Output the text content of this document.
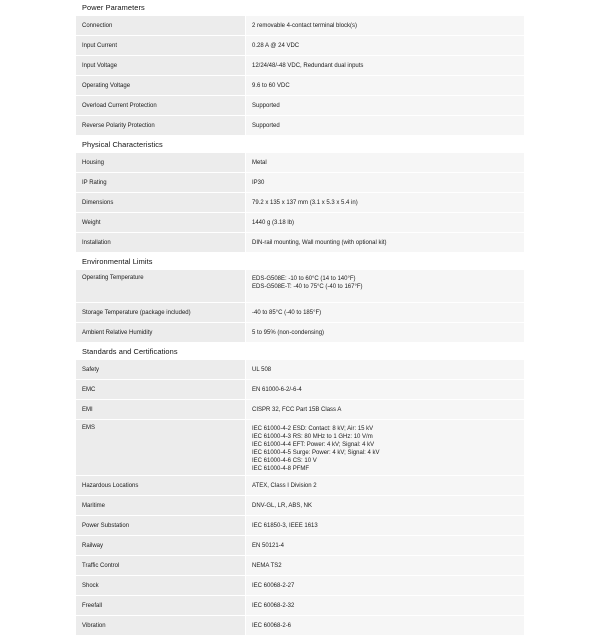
Power Parameters
Connection	2 removable 4-contact terminal block(s)
Input Current	0.28 A @ 24 VDC
Input Voltage	12/24/48/-48 VDC, Redundant dual inputs
Operating Voltage	9.6 to 60 VDC
Overload Current Protection	Supported
Reverse Polarity Protection	Supported
Physical Characteristics
Housing	Metal
IP Rating	IP30
Dimensions	79.2 x 135 x 137 mm (3.1 x 5.3 x 5.4 in)
Weight	1440 g (3.18 lb)
Installation	DIN-rail mounting, Wall mounting (with optional kit)
Environmental Limits
Operating Temperature	EDS-G508E: -10 to 60°C (14 to 140°F)
EDS-G508E-T: -40 to 75°C (-40 to 167°F)
Storage Temperature (package included)	-40 to 85°C (-40 to 185°F)
Ambient Relative Humidity	5 to 95% (non-condensing)
Standards and Certifications
Safety	UL 508
EMC	EN 61000-6-2/-6-4
EMI	CISPR 32, FCC Part 15B Class A
EMS	IEC 61000-4-2 ESD: Contact: 8 kV; Air: 15 kV
IEC 61000-4-3 RS: 80 MHz to 1 GHz: 10 V/m
IEC 61000-4-4 EFT: Power: 4 kV; Signal: 4 kV
IEC 61000-4-5 Surge: Power: 4 kV; Signal: 4 kV
IEC 61000-4-6 CS: 10 V
IEC 61000-4-8 PFMF
Hazardous Locations	ATEX, Class I Division 2
Maritime	DNV-GL, LR, ABS, NK
Power Substation	IEC 61850-3, IEEE 1613
Railway	EN 50121-4
Traffic Control	NEMA TS2
Shock	IEC 60068-2-27
Freefall	IEC 60068-2-32
Vibration	IEC 60068-2-6
